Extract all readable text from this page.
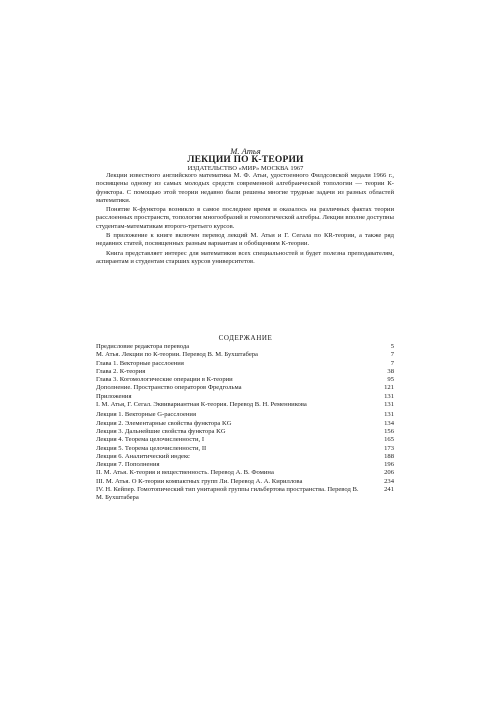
М. Атья
ЛЕКЦИИ ПО К-ТЕОРИИ
ИЗДАТЕЛЬСТВО «МИР» МОСКВА 1967

Лекции известного английского математика М. Ф. Атьи, удостоенного Филдсовской медали 1966 г., посвящены одному из самых молодых средств современной алгебраической топологии — теории К-функтора. С помощью этой теории недавно были решены многие трудные задачи из разных областей математики.

Понятие К-функтора возникло в самое последнее время и оказалось на различных фактах теории расслоенных пространств, топологии многообразий и гомологической алгебры. Лекции вполне доступны студентам-математикам второго-третьего курсов.

В приложение к книге включен перевод лекций М. Атьи и Г. Сегала по КR-теории, а также ряд недавних статей, посвященных разным вариантам и обобщениям К-теории.

Книга представляет интерес для математиков всех специальностей и будет полезна преподавателям, аспирантам и студентам старших курсов университетов.

СОДЕРЖАНИЕ
Предисловие редактора перевода	5
М. Атья. Лекции по К-теории. Перевод В. М. Бухштабера	7
Глава 1. Векторные расслоения	7
Глава 2. К-теория	38
Глава 3. Когомологические операции в К-теории	95
Дополнение. Пространство операторов Фредгольма	121
Приложения	131
I. М. Атья, Г. Сегал. Эквивариантная К-теория. Перевод В. Н. Ременникова	131
Лекция 1. Векторные G-расслоения	131
Лекция 2. Элементарные свойства функтора KG	134
Лекция 3. Дальнейшие свойства функтора KG	156
Лекция 4. Теорема целочисленности, I	165
Лекция 5. Теорема целочисленности, II	173
Лекция 6. Аналитический индекс	188
Лекция 7. Пополнения	196
II. М. Атья. К-теория и вещественность. Перевод А. В. Фомина	206
III. М. Атья. О К-теории компактных групп Ли. Перевод А. А. Кириллова	234
IV. Н. Кейпер. Гомотопический тип унитарной группы гильбертова пространства. Перевод В. М. Бухштабера
241
